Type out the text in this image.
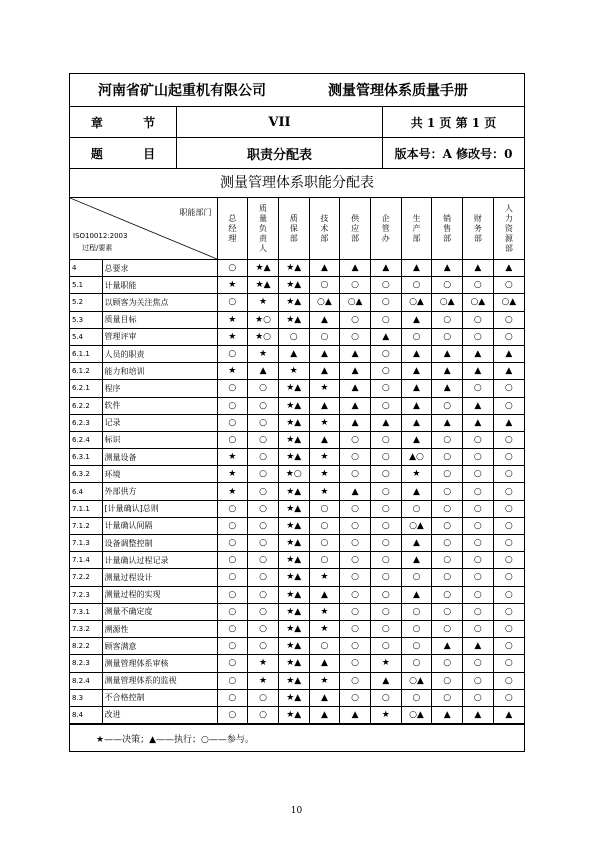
河南省矿山起重机有限公司	测量管理体系质量手册
章 节	VII	共 1 页 第 1 页
题 目	职责分配表	版本号：A 修改号：0
测量管理体系职能分配表
职能部门
ISO10012:2003
过程/要素		总经理	质量负责人	质保部	技术部	供应部	企管办	生产部	销售部	财务部	人力资源部
4	总要求	○	★▲	★▲	▲	▲	▲	▲	▲	▲	▲
5.1	计量职能	★	★▲	★▲	○	○	○	○	○	○	○
5.2	以顾客为关注焦点	○	★	★▲	○▲	○▲	○	○▲	○▲	○▲	○▲
5.3	质量目标	★	★○	★▲	▲	○	○	▲	○	○	○
5.4	管理评审	★	★○	○	○	○	▲	○	○	○	○
6.1.1	人员的职责	○	★	▲	▲	▲	○	▲	▲	▲	▲
6.1.2	能力和培训	★	▲	★	▲	▲	○	▲	▲	▲	▲
6.2.1	程序	○	○	★▲	★	▲	○	▲	▲	○	○
6.2.2	软件	○	○	★▲	▲	▲	○	▲	○	▲	○
6.2.3	记录	○	○	★▲	★	▲	▲	▲	▲	▲	▲
6.2.4	标识	○	○	★▲	▲	○	○	▲	○	○	○
6.3.1	测量设备	★	○	★▲	★	○	○	▲○	○	○	○
6.3.2	环境	★	○	★○	★	○	○	★	○	○	○
6.4	外部供方	★	○	★▲	★	▲	○	▲	○	○	○
7.1.1	[计量确认]总则	○	○	★▲	○	○	○	○	○	○	○
7.1.2	计量确认间隔	○	○	★▲	○	○	○	○▲	○	○	○
7.1.3	设备调整控制	○	○	★▲	○	○	○	▲	○	○	○
7.1.4	计量确认过程记录	○	○	★▲	○	○	○	▲	○	○	○
7.2.2	测量过程设计	○	○	★▲	★	○	○	○	○	○	○
7.2.3	测量过程的实现	○	○	★▲	▲	○	○	▲	○	○	○
7.3.1	测量不确定度	○	○	★▲	★	○	○	○	○	○	○
7.3.2	溯源性	○	○	★▲	★	○	○	○	○	○	○
8.2.2	顾客满意	○	○	★▲	○	○	○	○	▲	▲	○
8.2.3	测量管理体系审核	○	★	★▲	▲	○	★	○	○	○	○
8.2.4	测量管理体系的监视	○	★	★▲	★	○	▲	○▲	○	○	○
8.3	不合格控制	○	○	★▲	▲	○	○	○	○	○	○
8.4	改进	○	○	★▲	▲	▲	★	○▲	▲	▲	▲
★——决策；▲——执行；○——参与。
10
